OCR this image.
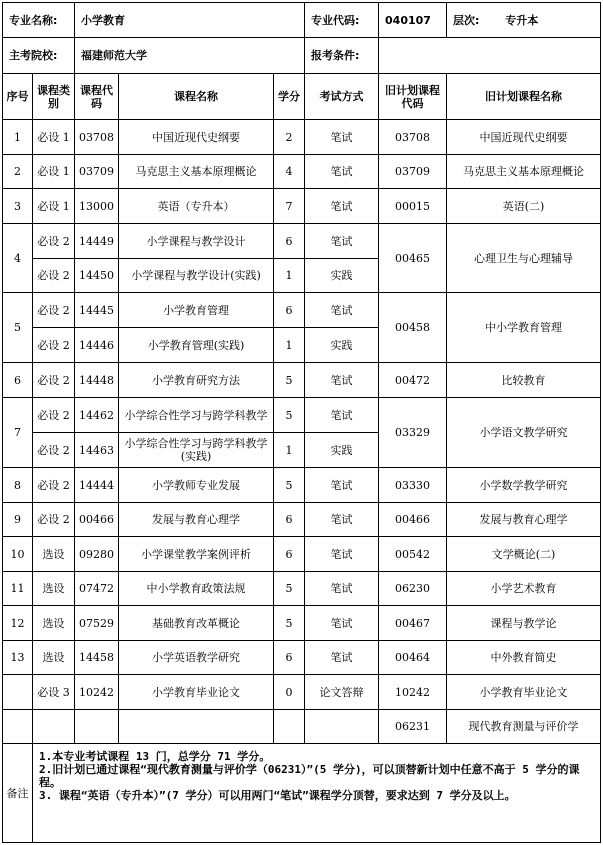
专业名称:		小学教育			专业代码:	040107	层次: 专升本
主考院校:		福建师范大学			报考条件:		
序号	课程类别	课程代码	课程名称	学分	考试方式	旧计划课程代码	旧计划课程名称
1	必设 1	03708	中国近现代史纲要	2	笔试	03708	中国近现代史纲要
2	必设 1	03709	马克思主义基本原理概论	4	笔试	03709	马克思主义基本原理概论
3	必设 1	13000	英语（专升本）	7	笔试	00015	英语(二)
4	必设 2	14449	小学课程与教学设计	6	笔试	00465	心理卫生与心理辅导
	必设 2	14450	小学课程与教学设计(实践)	1	实践		
5	必设 2	14445	小学教育管理	6	笔试	00458	中小学教育管理
	必设 2	14446	小学教育管理(实践)	1	实践		
6	必设 2	14448	小学教育研究方法	5	笔试	00472	比较教育
7	必设 2	14462	小学综合性学习与跨学科教学	5	笔试	03329	小学语文教学研究
	必设 2	14463	小学综合性学习与跨学科教学(实践)	1	实践		
8	必设 2	14444	小学教师专业发展	5	笔试	03330	小学数学教学研究
9	必设 2	00466	发展与教育心理学	6	笔试	00466	发展与教育心理学
10	选设	09280	小学课堂教学案例评析	6	笔试	00542	文学概论(二)
11	选设	07472	中小学教育政策法规	5	笔试	06230	小学艺术教育
12	选设	07529	基础教育改革概论	5	笔试	00467	课程与教学论
13	选设	14458	小学英语教学研究	6	笔试	00464	中外教育简史
	必设 3	10242	小学教育毕业论文	0	论文答辩	10242	小学教育毕业论文
						06231	现代教育测量与评价学
备注	1.本专业考试课程 13 门，总学分 71 学分。
2.旧计划已通过课程“现代教育测量与评价学（06231）”(5 学分)，可以顶替新计划中任意不高于 5 学分的课程。
3. 课程“英语（专升本）”(7 学分）可以用两门“笔试”课程学分顶替，要求达到 7 学分及以上。						
